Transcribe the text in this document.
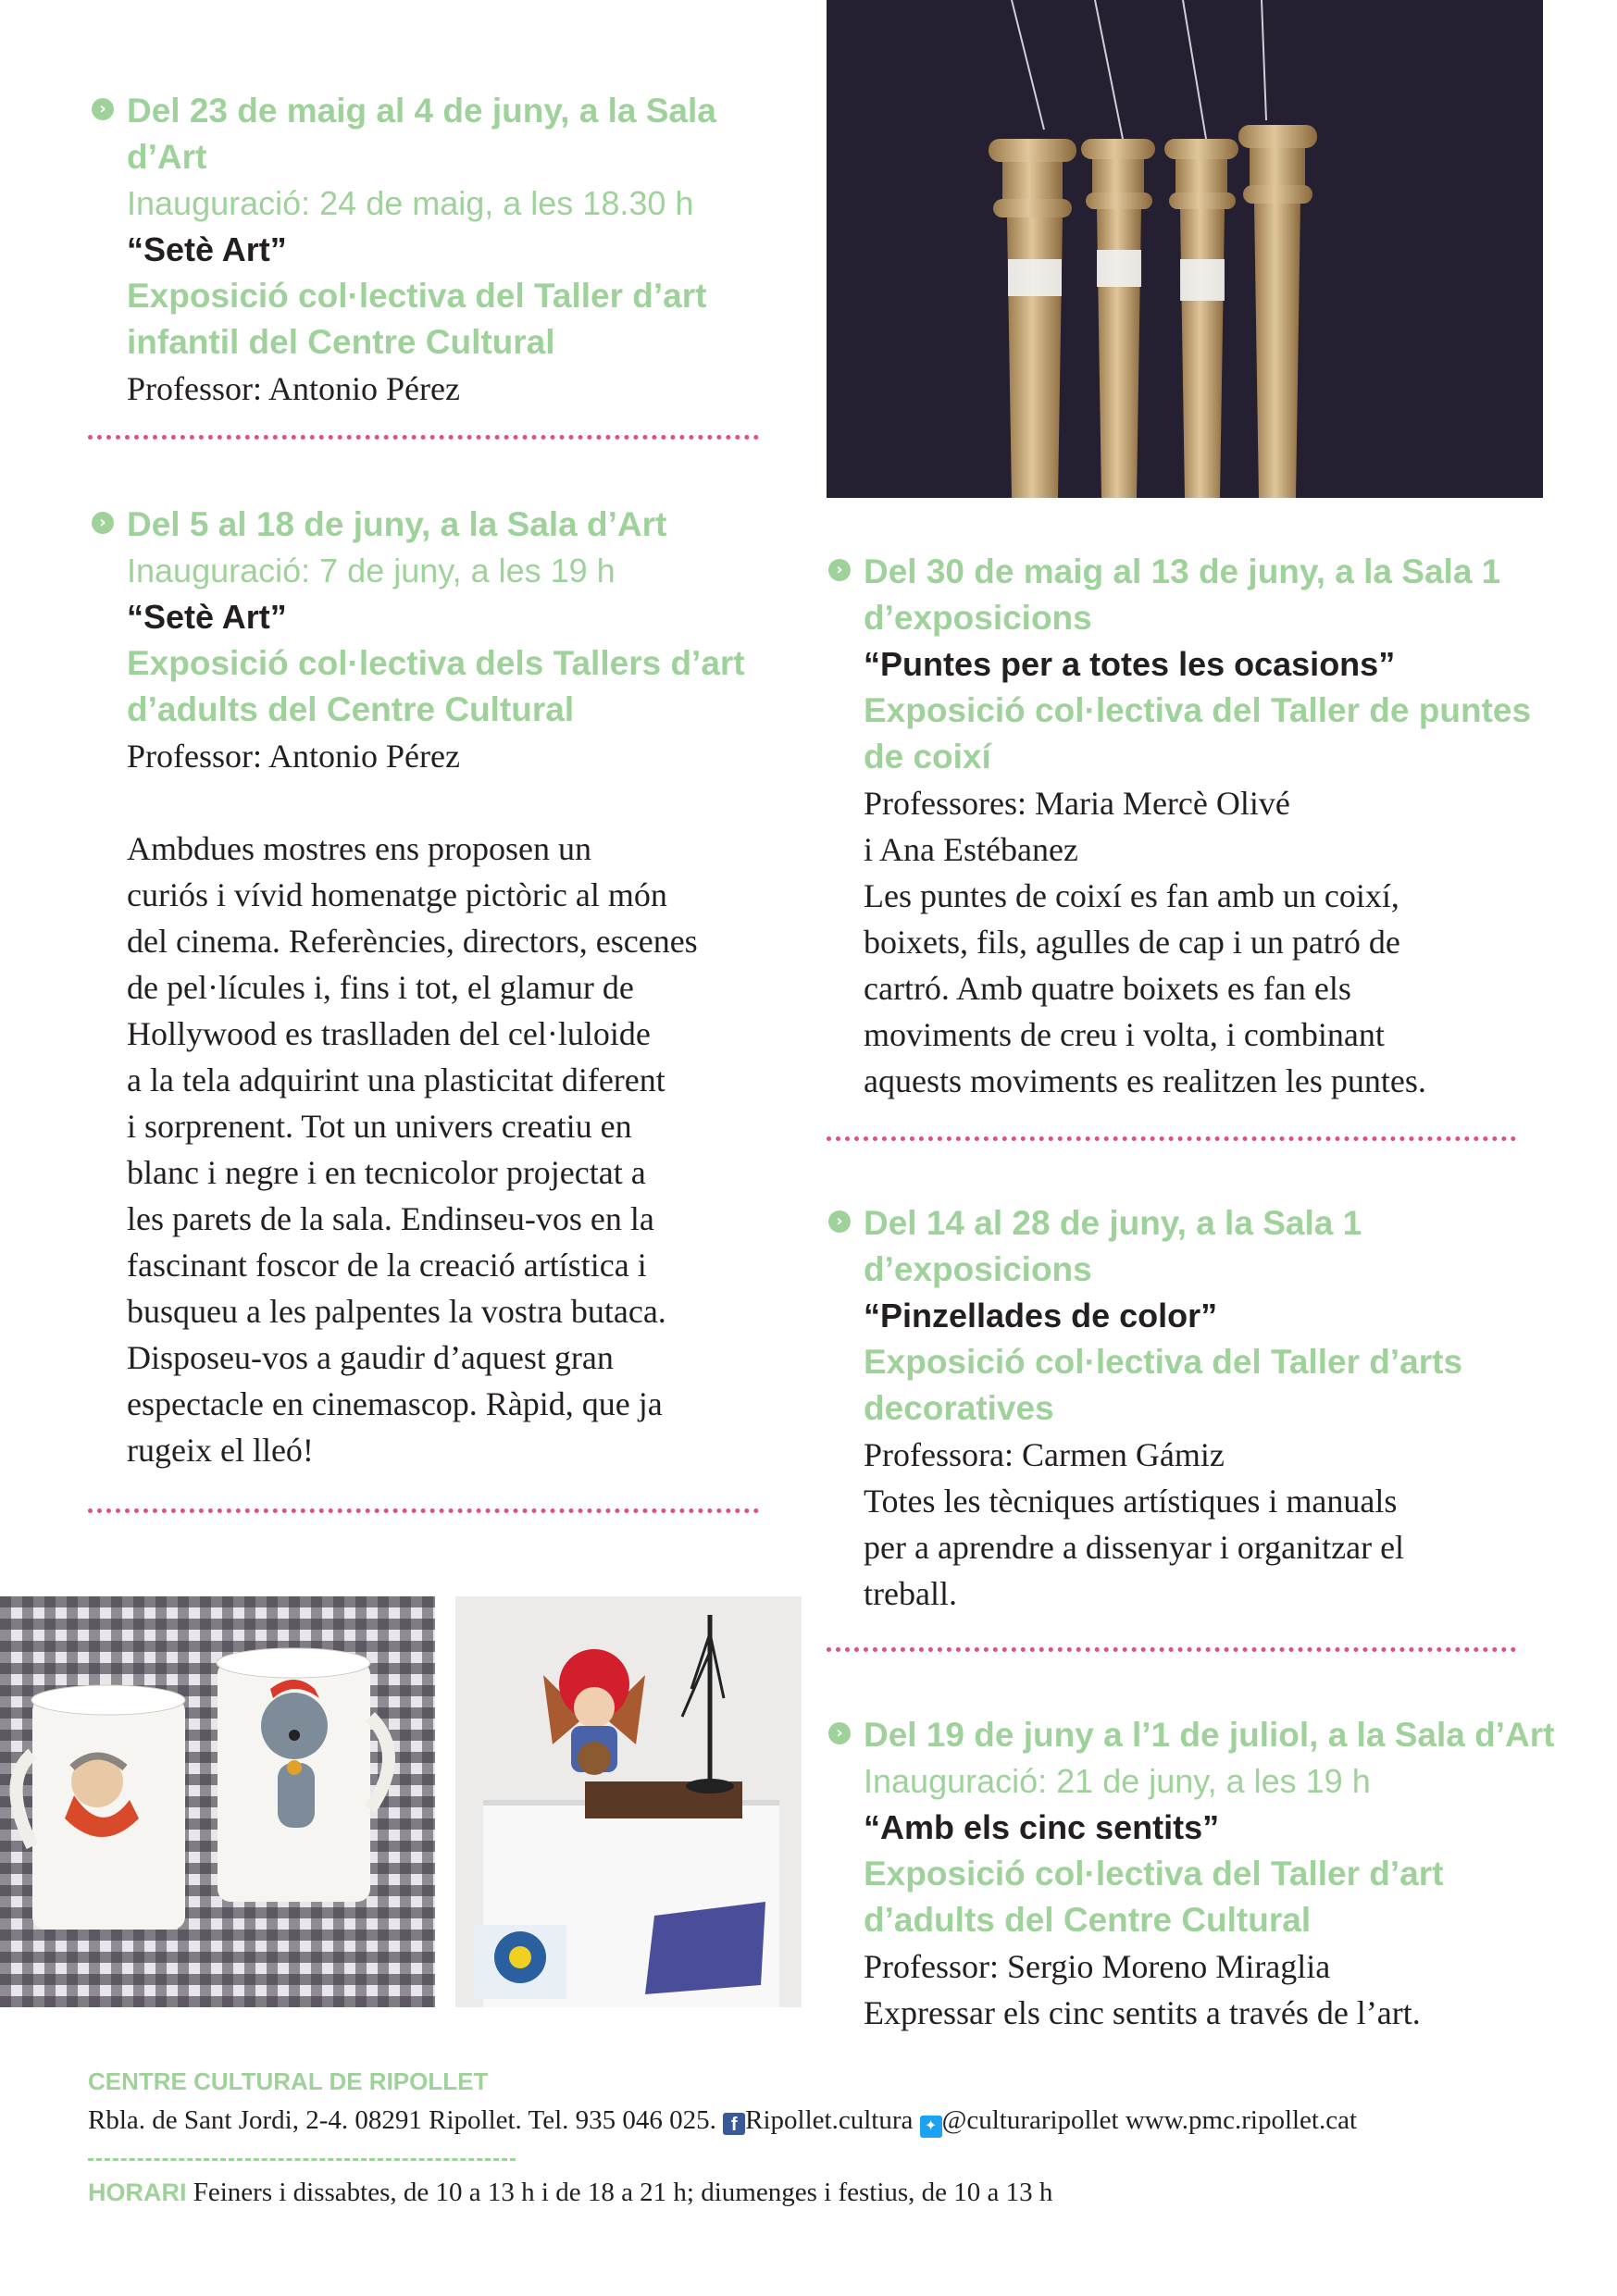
› Del 23 de maig al 4 de juny, a la Sala
d’Art
Inauguració: 24 de maig, a les 18.30 h
“Setè Art”
Exposició col·lectiva del Taller d’art
infantil del Centre Cultural
Professor: Antonio Pérez
› Del 5 al 18 de juny, a la Sala d’Art
Inauguració: 7 de juny, a les 19 h
“Setè Art”
Exposició col·lectiva dels Tallers d’art
d’adults del Centre Cultural
Professor: Antonio Pérez
Ambdues mostres ens proposen un
curiós i vívid homenatge pictòric al món
del cinema. Referències, directors, escenes
de pel·lícules i, fins i tot, el glamur de
Hollywood es traslladen del cel·luloide
a la tela adquirint una plasticitat diferent
i sorprenent. Tot un univers creatiu en
blanc i negre i en tecnicolor projectat a
les parets de la sala. Endinseu-vos en la
fascinant foscor de la creació artística i
busqueu a les palpentes la vostra butaca.
Disposeu-vos a gaudir d’aquest gran
espectacle en cinemascop. Ràpid, que ja
rugeix el lleó!
› Del 30 de maig al 13 de juny, a la Sala 1
d’exposicions
“Puntes per a totes les ocasions”
Exposició col·lectiva del Taller de puntes
de coixí
Professores: Maria Mercè Olivé
i Ana Estébanez
Les puntes de coixí es fan amb un coixí,
boixets, fils, agulles de cap i un patró de
cartró. Amb quatre boixets es fan els
moviments de creu i volta, i combinant
aquests moviments es realitzen les puntes.
› Del 14 al 28 de juny, a la Sala 1
d’exposicions
“Pinzellades de color”
Exposició col·lectiva del Taller d’arts
decoratives
Professora: Carmen Gámiz
Totes les tècniques artístiques i manuals
per a aprendre a dissenyar i organitzar el
treball.
› Del 19 de juny a l’1 de juliol, a la Sala d’Art
Inauguració: 21 de juny, a les 19 h
“Amb els cinc sentits”
Exposició col·lectiva del Taller d’art
d’adults del Centre Cultural
Professor: Sergio Moreno Miraglia
Expressar els cinc sentits a través de l’art.
CENTRE CULTURAL DE RIPOLLET
Rbla. de Sant Jordi, 2-4. 08291 Ripollet. Tel. 935 046 025. f Ripollet.cultura ✦ @culturaripollet www.pmc.ripollet.cat
HORARI Feiners i dissabtes, de 10 a 13 h i de 18 a 21 h; diumenges i festius, de 10 a 13 h
